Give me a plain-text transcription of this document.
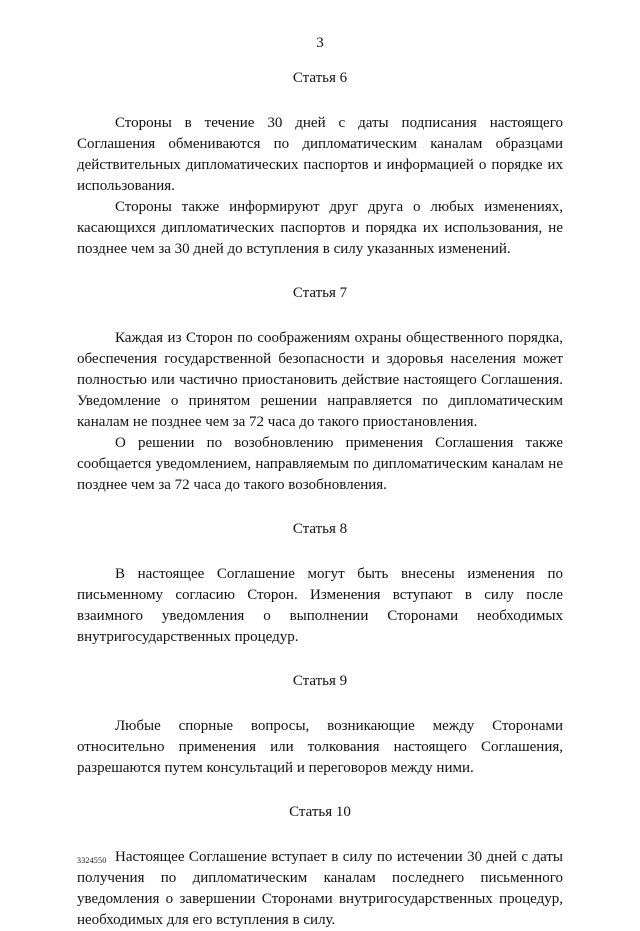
3
Статья 6

Стороны в течение 30 дней с даты подписания настоящего Соглашения обмениваются по дипломатическим каналам образцами действительных дипломатических паспортов и информацией о порядке их использования.

Стороны также информируют друг друга о любых изменениях, касающихся дипломатических паспортов и порядка их использования, не позднее чем за 30 дней до вступления в силу указанных изменений.

Статья 7

Каждая из Сторон по соображениям охраны общественного порядка, обеспечения государственной безопасности и здоровья населения может полностью или частично приостановить действие настоящего Соглашения. Уведомление о принятом решении направляется по дипломатическим каналам не позднее чем за 72 часа до такого приостановления.

О решении по возобновлению применения Соглашения также сообщается уведомлением, направляемым по дипломатическим каналам не позднее чем за 72 часа до такого возобновления.

Статья 8

В настоящее Соглашение могут быть внесены изменения по письменному согласию Сторон. Изменения вступают в силу после взаимного уведомления о выполнении Сторонами необходимых внутригосударственных процедур.

Статья 9

Любые спорные вопросы, возникающие между Сторонами относительно применения или толкования настоящего Соглашения, разрешаются путем консультаций и переговоров между ними.

Статья 10

Настоящее Соглашение вступает в силу по истечении 30 дней с даты получения по дипломатическим каналам последнего письменного уведомления о завершении Сторонами внутригосударственных процедур, необходимых для его вступления в силу.

3324550
